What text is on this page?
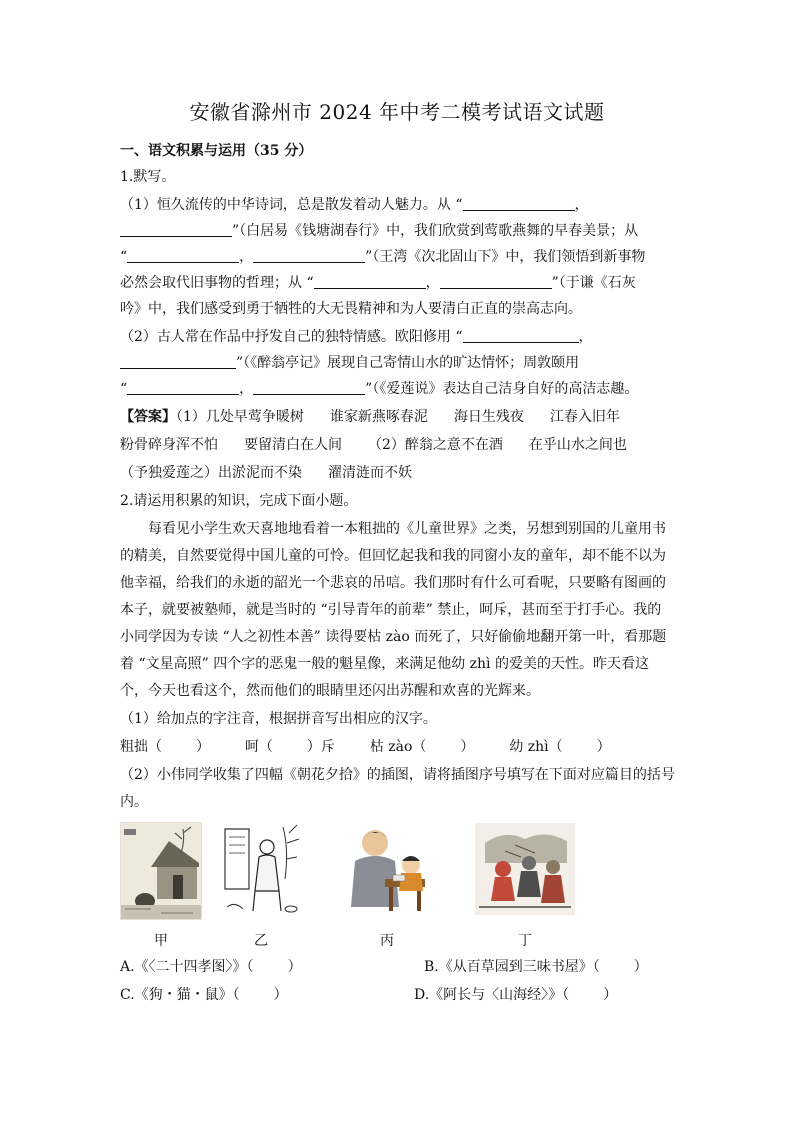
安徽省滁州市 2024 年中考二模考试语文试题
一、语文积累与运用（35 分）
1.默写。
（1）恒久流传的中华诗词，总是散发着动人魅力。从 “	，
”（白居易《钱塘湖春行》中，我们欣赏到莺歌燕舞的早春美景；从
“	，	”（王湾《次北固山下》中，我们领悟到新事物
必然会取代旧事物的哲理；从 “	，	”（于谦《石灰
吟》中，我们感受到勇于牺牲的大无畏精神和为人要清白正直的崇高志向。
（2）古人常在作品中抒发自己的独特情感。欧阳修用 “	，
”（《醉翁亭记》展现自己寄情山水的旷达情怀；周敦颐用
“	，	”（《爱莲说》表达自己洁身自好的高洁志趣。
【答案】（1）几处早莺争暖树 谁家新燕啄春泥 海日生残夜 江春入旧年
粉骨碎身浑不怕 要留清白在人间 （2）醉翁之意不在酒 在乎山水之间也
（予独爱莲之）出淤泥而不染 濯清涟而不妖
2.请运用积累的知识，完成下面小题。
每看见小学生欢天喜地地看着一本粗拙的《儿童世界》之类，另想到别国的儿童用书
的精美，自然要觉得中国儿童的可怜。但回忆起我和我的同窗小友的童年，却不能不以为
他幸福，给我们的永逝的韶光一个悲哀的吊唁。我们那时有什么可看呢，只要略有图画的
本子，就要被塾师，就是当时的 “引导青年的前辈” 禁止，呵斥，甚而至于打手心。我的
小同学因为专读 “人之初性本善” 读得要枯 zào 而死了，只好偷偷地翻开第一叶，看那题
着 “文星高照” 四个字的恶鬼一般的魁星像，来满足他幼 zhì 的爱美的天性。昨天看这
个，今天也看这个，然而他们的眼睛里还闪出苏醒和欢喜的光辉来。
（1）给加点的字注音，根据拼音写出相应的汉字。
粗拙（ ） 呵（ ）斥 枯 zào（ ） 幼 zhì（ ）
（2）小伟同学收集了四幅《朝花夕拾》的插图，请将插图序号填写在下面对应篇目的括号
内。
甲	乙	丙	丁
A.《〈二十四孝图〉》（ ）	B.《从百草园到三味书屋》（ ）
C.《狗・猫・鼠》（ ）	D.《阿长与〈山海经〉》（ ）
